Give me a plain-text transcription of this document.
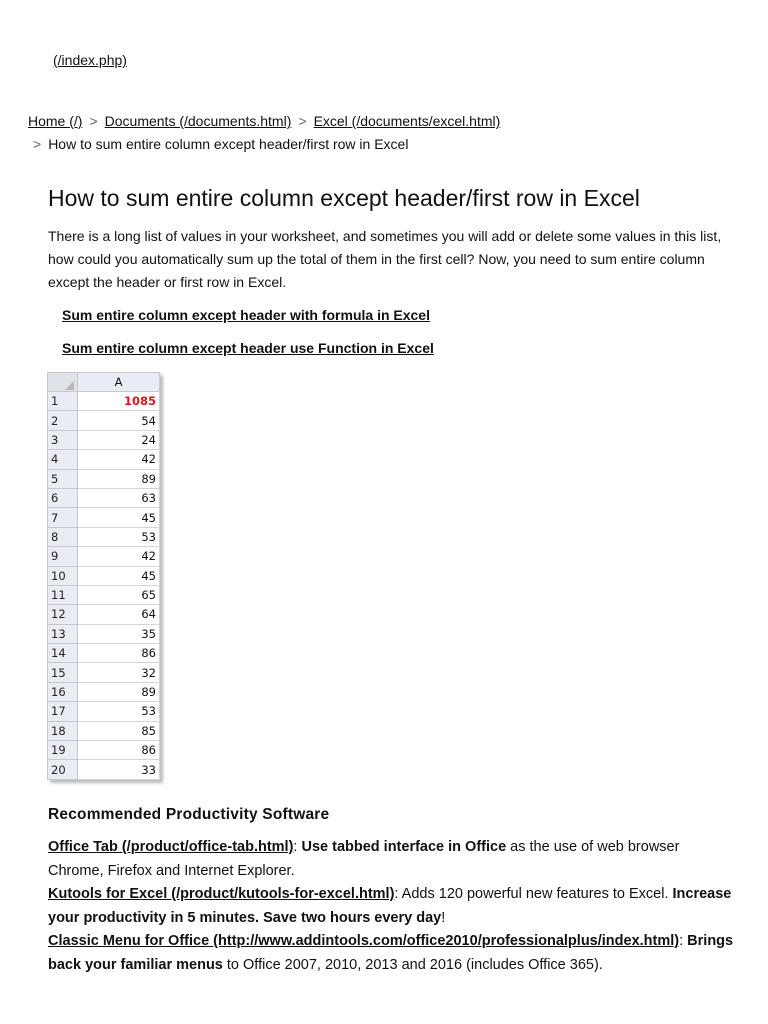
(/index.php)
Home (/) > Documents (/documents.html) > Excel (/documents/excel.html)
> How to sum entire column except header/first row in Excel
How to sum entire column except header/first row in Excel

There is a long list of values in your worksheet, and sometimes you will add or delete some values in this list, how could you automatically sum up the total of them in the first cell? Now, you need to sum entire column except the header or first row in Excel.

Sum entire column except header with formula in Excel
Sum entire column except header use Function in Excel
	A
1	1085
2	54
3	24
4	42
5	89
6	63
7	45
8	53
9	42
10	45
11	65
12	64
13	35
14	86
15	32
16	89
17	53
18	85
19	86
20	33
Recommended Productivity Software

Office Tab (/product/office-tab.html): Use tabbed interface in Office as the use of web browser Chrome, Firefox and Internet Explorer.
Kutools for Excel (/product/kutools-for-excel.html): Adds 120 powerful new features to Excel. Increase your productivity in 5 minutes. Save two hours every day!
Classic Menu for Office (http://www.addintools.com/office2010/professionalplus/index.html): Brings back your familiar menus to Office 2007, 2010, 2013 and 2016 (includes Office 365).
